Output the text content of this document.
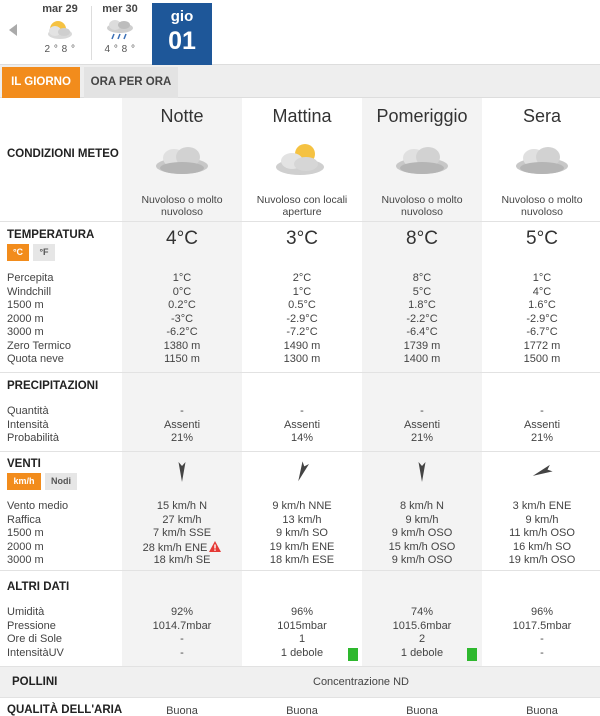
mar 29
2 ° 8 °
mer 30
4 ° 8 °
gio
01
IL GIORNO	ORA PER ORA
CONDIZIONI METEO
Notte	Mattina	Pomeriggio	Sera
Nuvoloso o molto
nuvoloso
Nuvoloso con locali
aperture
Nuvoloso o molto
nuvoloso
Nuvoloso o molto
nuvoloso
TEMPERATURA
°C	°F
4°C	3°C	8°C	5°C
Percepita	1°C	2°C	8°C	1°C
Windchill	0°C	1°C	5°C	4°C
1500 m	0.2°C	0.5°C	1.8°C	1.6°C
2000 m	-3°C	-2.9°C	-2.2°C	-2.9°C
3000 m	-6.2°C	-7.2°C	-6.4°C	-6.7°C
Zero Termico	1380 m	1490 m	1739 m	1772 m
Quota neve	1150 m	1300 m	1400 m	1500 m
PRECIPITAZIONI
Quantità	-	-	-	-
Intensità	Assenti	Assenti	Assenti	Assenti
Probabilità	21%	14%	21%	21%
VENTI
km/h	Nodi
Vento medio	15 km/h N	9 km/h NNE	8 km/h N	3 km/h ENE
Raffica	27 km/h	13 km/h	9 km/h	9 km/h
1500 m	7 km/h SSE	9 km/h SO	9 km/h OSO	11 km/h OSO
2000 m	28 km/h ENE	19 km/h ENE	15 km/h OSO	16 km/h SO
3000 m	18 km/h SE	18 km/h ESE	9 km/h OSO	19 km/h OSO
ALTRI DATI
Umidità	92%	96%	74%	96%
Pressione	1014.7mbar	1015mbar	1015.6mbar	1017.5mbar
Ore di Sole	-	1	2	-
IntensitàUV	-	1 debole	1 debole	-
POLLINI	Concentrazione ND
QUALITÀ DELL'ARIA	Buona	Buona	Buona	Buona
